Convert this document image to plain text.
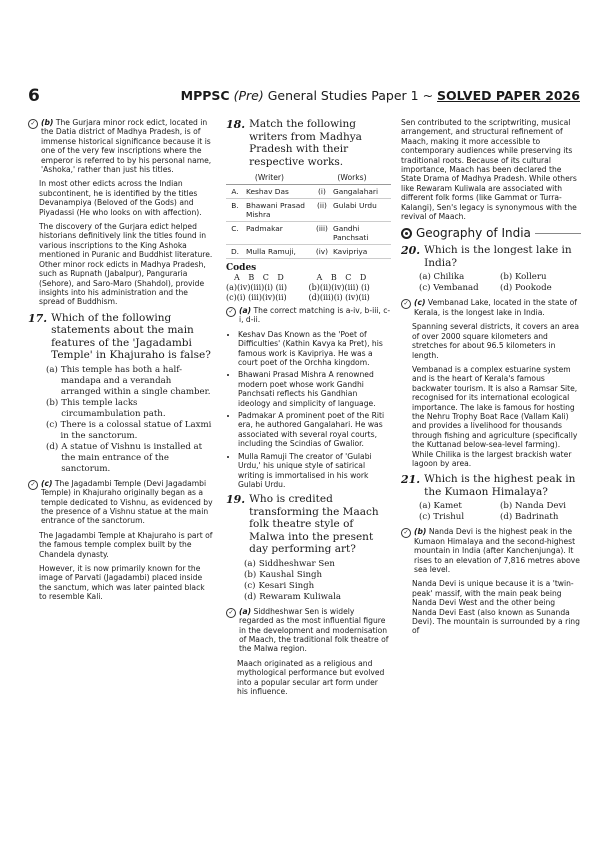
6	MPPSC (Pre) General Studies Paper 1 ~ SOLVED PAPER 2026
✓ (b) The Gurjara minor rock edict, located in the Datia district of Madhya Pradesh, is of immense historical significance because it is one of the very few inscriptions where the emperor is referred to by his personal name, 'Ashoka,' rather than just his titles.

In most other edicts across the Indian subcontinent, he is identified by the titles Devanampiya (Beloved of the Gods) and Piyadassi (He who looks on with affection).

The discovery of the Gurjara edict helped historians definitively link the titles found in various inscriptions to the King Ashoka mentioned in Puranic and Buddhist literature. Other minor rock edicts in Madhya Pradesh, such as Rupnath (Jabalpur), Panguraria (Sehore), and Saro-Maro (Shahdol), provide insights into his administration and the spread of Buddhism.

17. Which of the following statements about the main features of the 'Jagadambi Temple' in Khajuraho is false?
(a) This temple has both a half-mandapa and a verandah arranged within a single chamber.
(b) This temple lacks circumambulation path.
(c) There is a colossal statue of Laxmi in the sanctorum.
(d) A statue of Vishnu is installed at the main entrance of the sanctorum.
✓ (c) The Jagadambi Temple (Devi Jagadambi Temple) in Khajuraho originally began as a temple dedicated to Vishnu, as evidenced by the presence of a Vishnu statue at the main entrance of the sanctorum.

The Jagadambi Temple at Khajuraho is part of the famous temple complex built by the Chandela dynasty.

However, it is now primarily known for the image of Parvati (Jagadambi) placed inside the sanctum, which was later painted black to resemble Kali.

18. Match the following writers from Madhya Pradesh with their respective works.
(Writer)		(Works)	
A.	Keshav Das	(i)	Gangalahari
B.	Bhawani Prasad Mishra	(ii)	Gulabi Urdu
C.	Padmakar	(iii)	Gandhi Panchsati
D.	Mulla Ramuji,	(iv)	Kavipriya
Codes
A B C D	A B C D
(a)(iv)(iii)(i) (ii)	(b)(ii)(iv)(iii) (i)
(c)(i) (iii)(iv)(ii)	(d)(iii)(i) (iv)(ii)
✓ (a) The correct matching is a-iv, b-iii, c-i, d-ii.
• Keshav Das Known as the 'Poet of Difficulties' (Kathin Kavya ka Pret), his famous work is Kavipriya. He was a court poet of the Orchha kingdom.
• Bhawani Prasad Mishra A renowned modern poet whose work Gandhi Panchsati reflects his Gandhian ideology and simplicity of language.
• Padmakar A prominent poet of the Riti era, he authored Gangalahari. He was associated with several royal courts, including the Scindias of Gwalior.
• Mulla Ramuji The creator of 'Gulabi Urdu,' his unique style of satirical writing is immortalised in his work Gulabi Urdu.
19. Who is credited transforming the Maach folk theatre style of Malwa into the present day performing art?
(a) Siddheshwar Sen
(b) Kaushal Singh
(c) Kesari Singh
(d) Rewaram Kuliwala
✓ (a) Siddheshwar Sen is widely regarded as the most influential figure in the development and modernisation of Maach, the traditional folk theatre of the Malwa region.

Maach originated as a religious and mythological performance but evolved into a popular secular art form under his influence.

Sen contributed to the scriptwriting, musical arrangement, and structural refinement of Maach, making it more accessible to contemporary audiences while preserving its traditional roots. Because of its cultural importance, Maach has been declared the State Drama of Madhya Pradesh. While others like Rewaram Kuliwala are associated with different folk forms (like Gammat or Turra-Kalangi), Sen's legacy is synonymous with the revival of Maach.

Geography of India
20. Which is the longest lake in India?
(a) Chilika	(b) Kolleru
(c) Vembanad	(d) Pookode
✓ (c) Vembanad Lake, located in the state of Kerala, is the longest lake in India.

Spanning several districts, it covers an area of over 2000 square kilometers and stretches for about 96.5 kilometers in length.

Vembanad is a complex estuarine system and is the heart of Kerala's famous backwater tourism. It is also a Ramsar Site, recognised for its international ecological importance. The lake is famous for hosting the Nehru Trophy Boat Race (Vallam Kali) and provides a livelihood for thousands through fishing and agriculture (specifically the Kuttanad below-sea-level farming). While Chilika is the largest brackish water lagoon by area.

21. Which is the highest peak in the Kumaon Himalaya?
(a) Kamet	(b) Nanda Devi
(c) Trishul	(d) Badrinath
✓ (b) Nanda Devi is the highest peak in the Kumaon Himalaya and the second-highest mountain in India (after Kanchenjunga). It rises to an elevation of 7,816 metres above sea level.

Nanda Devi is unique because it is a 'twin-peak' massif, with the main peak being Nanda Devi West and the other being Nanda Devi East (also known as Sunanda Devi). The mountain is surrounded by a ring of
